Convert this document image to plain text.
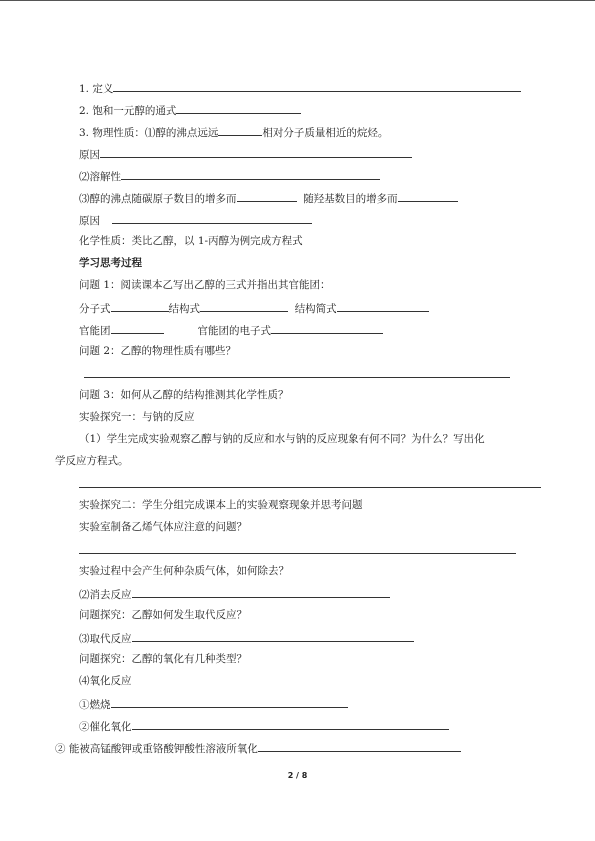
1. 定义
2. 饱和一元醇的通式
3. 物理性质：⑴醇的沸点远远	相对分子质量相近的烷烃。
原因
⑵溶解性
⑶醇的沸点随碳原子数目的增多而	随羟基数目的增多而
原因
化学性质：类比乙醇，以 1-丙醇为例完成方程式
学习思考过程
问题 1：阅读课本乙写出乙醇的三式并指出其官能团：
分子式	结构式	结构简式
官能团	官能团的电子式
问题 2：乙醇的物理性质有哪些？
问题 3：如何从乙醇的结构推测其化学性质？
实验探究一：与钠的反应
（1）学生完成实验观察乙醇与钠的反应和水与钠的反应现象有何不同？为什么？写出化
学反应方程式。
实验探究二：学生分组完成课本上的实验观察现象并思考问题
实验室制备乙烯气体应注意的问题？
实验过程中会产生何种杂质气体，如何除去？
⑵消去反应
问题探究：乙醇如何发生取代反应？
⑶取代反应
问题探究：乙醇的氧化有几种类型？
⑷氧化反应
①燃烧
②催化氧化
② 能被高锰酸钾或重铬酸钾酸性溶液所氧化
2 / 8
